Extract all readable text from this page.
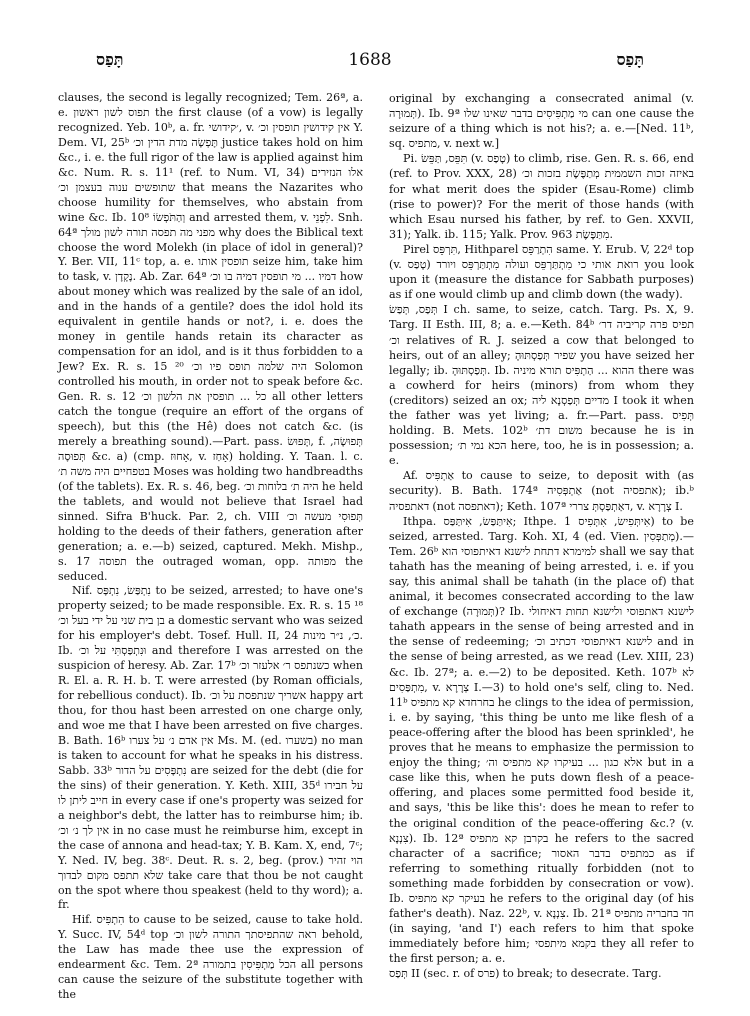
תָּפַס	1688	תָּפַס

clauses, the second is legally recognized; Tem. 26ª, a. e. תפוס לשון ראשון the first clause (of a vow) is legally recognized. Yeb. 10ᵇ, a. fr. ׳קידושי, v. אין קידושין תופסין וכ׳ Y. Dem. VI, 25ᵇ תָּפְשָׂה מדת הדין וכ׳ justice takes hold on him &c., i. e. the full rigor of the law is applied against him &c. Num. R. s. 11¹ (ref. to Num. VI, 34) אלו הנזירים שתופשים ענוה בעצמן וכ׳ that means the Nazarites who choose humility for themselves, who abstain from wine &c. Ib. 10⁸ וְהַתֹּפְשׂוֹ and arrested them, v. לִפְנֵי. Snh. 64ª מפני מה תפסה תורה לשון מולך why does the Biblical text choose the word Molekh (in place of idol in general)? Y. Ber. VII, 11ᶜ top, a. e. תופסין אותו seize him, take him to task, v. נָקָדָן. Ab. Zar. 64ª דמיו ... מי תופסין דמיה בו וכ׳ how about money which was realized by the sale of an idol, and in the hands of a gentile? does the idol hold its equivalent in gentile hands or not?, i. e. does the money in gentile hands retain its character as compensation for an idol, and is it thus forbidden to a Jew? Ex. R. s. 15 ²⁰ היה שלמה תופס פיו וכ׳ Solomon controlled his mouth, in order not to speak before &c. Gen. R. s. 12 כל ... תופסין את הלשון וכ׳ all other letters catch the tongue (require an effort of the organs of speech), but this (the Hê) does not catch &c. (is merely a breathing sound).—Part. pass. תָּפוּשׂ, f. תְּפוּשָׂה, תְּפוּסָה &c. a) (cmp. אָחוּז, v. אָחַז) holding. Y. Taan. l. c. בטפחיים היה משה ת׳ Moses was holding two handbreadths (of the tablets). Ex. R. s. 46, beg. היה ת׳ בלוחות וכ׳ he held the tablets, and would not believe that Israel had sinned. Sifra B'huck. Par. 2, ch. VIII תְּפוּסִי מעשה וכ׳ holding to the deeds of their fathers, generation after generation; a. e.—b) seized, captured. Mekh. Mishp., s. 17 תפוסה the outraged woman, opp. מפותה the seduced.

Nif. נִתְפַּשׂ, נִתְפָּס to be seized, arrested; to have one's property seized; to be made responsible. Ex. R. s. 15 ¹⁸ בן בית שני על ידי בעל וכ׳ a domestic servant who was seized for his employer's debt. Tosef. Hull. II, 24 כ׳, נ״ר מינות. Ib. וּנִתְפַּסְתִּי על וכ׳ and therefore I was arrested on the suspicion of heresy. Ab. Zar. 17ᵇ כשנתפס ר׳ אלעזר וכ׳ when R. El. a. R. H. b. T. were arrested (by Roman officials, for rebellious conduct). Ib. אשריך שנתפסת על וכ׳ happy art thou, for thou hast been arrested on one charge only, and woe me that I have been arrested on five charges. B. Bath. 16ᵇ אין אדם נ׳ על צערו Ms. M. (ed. בשערו) no man is taken to account for what he speaks in his distress. Sabb. 33ᵇ נִתְפָּסִים על הדור are seized for the debt (die for the sins) of their generation. Y. Keth. XIII, 35ᵈ על חבירו חייב ליתן לו in every case if one's property was seized for a neighbor's debt, the latter has to reimburse him; ib. אין לך נ׳ וכ׳ in no case must he reimburse him, except in the case of annona and head-tax; Y. B. Kam. X, end, 7ᶜ; Y. Ned. IV, beg. 38ᶜ. Deut. R. s. 2, beg. (prov.) הוי זהיר שלא תתפס מקום לבדוך take care that thou be not caught on the spot where thou speakest (held to thy word); a. fr.

Hif. הִתְפִּיס to cause to be seized, cause to take hold. Y. Succ. IV, 54ᵈ top ראה שהתפיסתך התורה לשון וכ׳ behold, the Law has made thee use the expression of endearment &c. Tem. 2ª הכל מַתְפִּיסִין בתמורה all persons can cause the seizure of the substitute together with the

original by exchanging a consecrated animal (v. תְּמוּרָה). Ib. 9ª מי מַתְפִּיסִים בדבר שאינו שלו can one cause the seizure of a thing which is not his?; a. e.—[Ned. 11ᵇ, sq. מתפיס, v. next w.]

Pi. תִּפֵּס, תַּפֵּשׂ (v. טָפַס) to climb, rise. Gen. R. s. 66, end (ref. to Prov. XXX, 28) באיזה זכות השממית מְתַפֶּשֶׂת בזכות וכ׳ for what merit does the spider (Esau-Rome) climb (rise to power)? For the merit of those hands (with which Esau nursed his father, by ref. to Gen. XXVII, 31); Yalk. ib. 115; Yalk. Prov. 963 מִתַּפֶּשֶׂת.

Pirel תִּרְפֵּס, Hithparel הִתְרַפֵּס same. Y. Erub. V, 22ᵈ top (v. טָפַס) רואת אותי כי מִתְתַּרְפֵּס ועולה מִתְתַּרְפֵּס ויורד you look upon it (measure the distance for Sabbath purposes) as if one would climb up and climb down (the wady).

תְּפַס, תְּפַשׂ I ch. same, to seize, catch. Targ. Ps. X, 9. Targ. II Esth. III, 8; a. e.—Keth. 84ᵇ תפיס פרה קריביה דר׳ וכ׳ relatives of R. J. seized a cow that belonged to heirs, out of an alley; שפיר תְּפַסְתּוּהָ you have seized her legally; ib. תְּפַסְתּוּהָ. Ib. ההוא ... הַתְפִּיס תורא מיניה there was a cowherd for heirs (minors) from whom they (creditors) seized an ox; מדיים תְּפַסְנָא ליה I took it when the father was yet living; a. fr.—Part. pass. תְּפִיס holding. B. Mets. 102ᵇ משום דת׳ because he is in possession; הכא נמי ת׳ here, too, he is in possession; a. e.

Af. אַתְפִּיס to cause to seize, to deposit with (as security). B. Bath. 174ª אַתְפְּסִיה (not אתפסיה); ib.ᵇ דאתפסיה (not דאתפסה); Keth. 107ª דאַתְפַּסְתְּ צררי, v. צְרָרָא I.

Ithpa. אִיתַּפַּשׂ, אִיתַּפַּס; Ithpe. אִיתְּפִישׂ, אִתְּפִיס 1) to be seized, arrested. Targ. Koh. XI, 4 (ed. Vien. מְתַפְּסִין).—Tem. 26ᵇ למימרא דתחת לישנא דאיתפוסי הוא shall we say that tahath has the meaning of being arrested, i. e. if you say, this animal shall be tahath (in the place of) that animal, it becomes consecrated according to the law of exchange (תְּמוּרָה)? Ib. לישנא דאתפוסי ולישנא תחות דאיחולי tahath appears in the sense of being arrested and in the sense of redeeming; לישנא דאיתפוסי דכתיב וכ׳ and in the sense of being arrested, as we read (Lev. XIII, 23) &c. Ib. 27ª; a. e.—2) to be deposited. Keth. 107ᵇ לא מִתְפַּסִים, v. צְרָרָא I.—3) to hold one's self, cling to. Ned. 11ᵇ בחרחדא קא מתפיס he clings to the idea of permission, i. e. by saying, 'this thing be unto me like flesh of a peace-offering after the blood has been sprinkled', he proves that he means to emphasize the permission to enjoy the thing; אלא כגון ... בעיקרו קא מתפיס וה׳ but in a case like this, when he puts down flesh of a peace-offering, and places some permitted food beside it, and says, 'this be like this': does he mean to refer to the original condition of the peace-offering &c.? (v. צִנְנָא). Ib. 12ª בקרבן קא מתפיס he refers to the sacred character of a sacrifice; כמתפיס בדבר האסור as if referring to something ritually forbidden (not to something made forbidden by consecration or vow). Ib. בעיקר קא מתפיס he refers to the original day (of his father's death). Naz. 22ᵇ, v. צִנְנָא. Ib. 21ª חד בחבריה מתפיס (in saying, 'and I') each refers to him that spoke immediately before him; בקמא מיתפסי they all refer to the first person; a. e.

תְּפַס II (sec. r. of פרס) to break; to desecrate. Targ.
